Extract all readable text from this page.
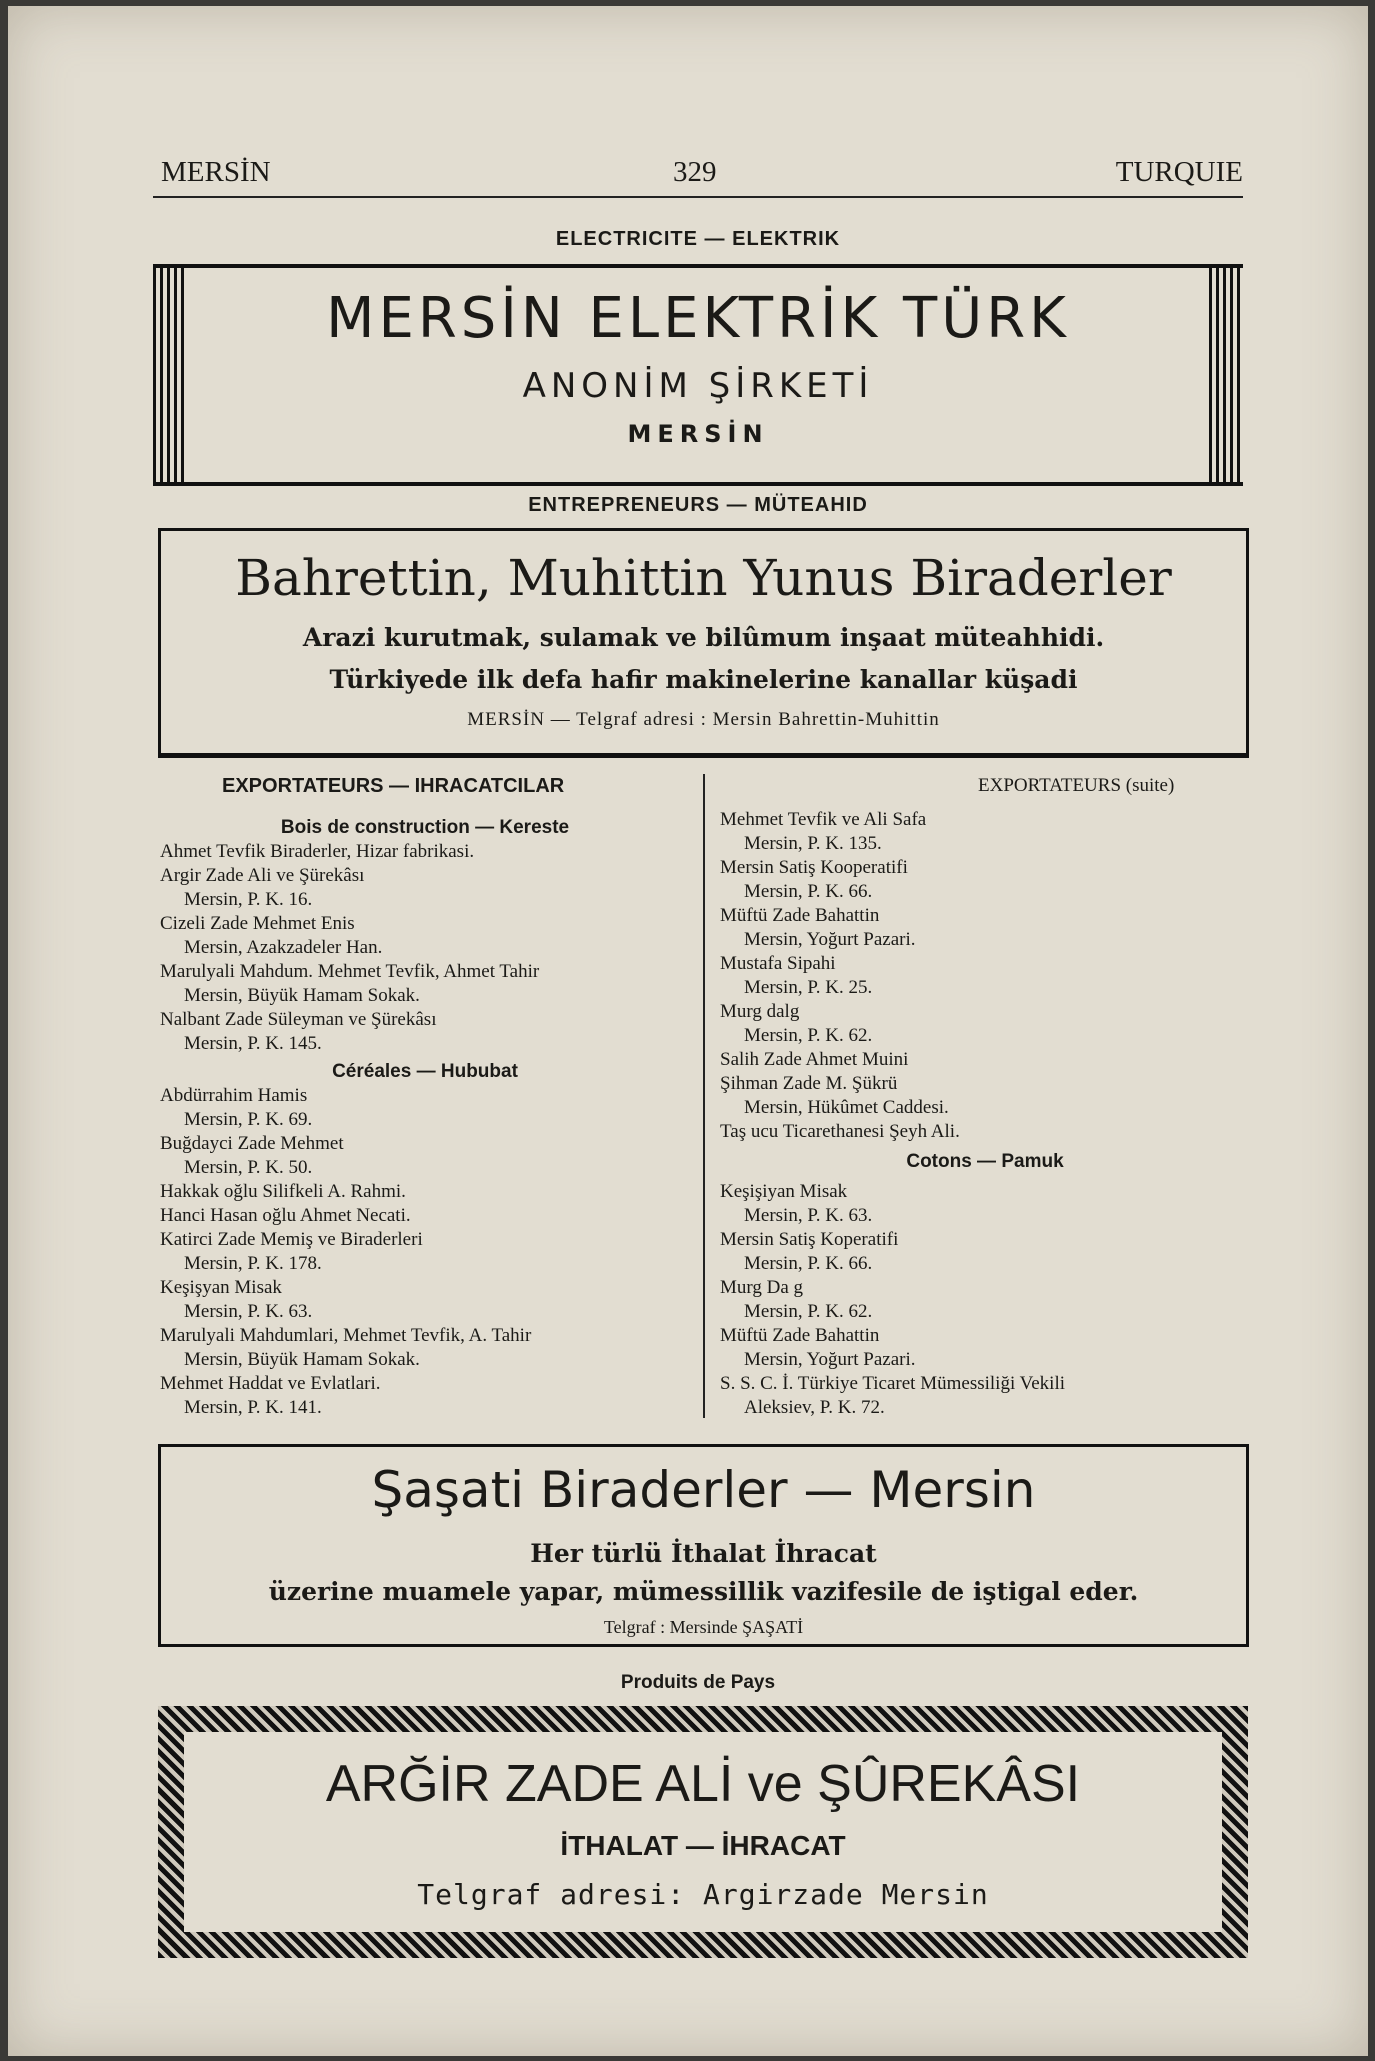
MERSİN	329	TURQUIE
ELECTRICITE — ELEKTRIK
MERSİN ELEKTRİK TÜRK
ANONİM ŞİRKETİ
MERSİN
ENTREPRENEURS — MÜTEAHID
Bahrettin, Muhittin Yunus Biraderler
Arazi kurutmak, sulamak ve bilûmum inşaat müteahhidi.
Türkiyede ilk defa hafir makinelerine kanallar küşadi
MERSİN — Telgraf adresi : Mersin Bahrettin-Muhittin
EXPORTATEURS — IHRACATCILAR
Bois de construction — Kereste
Ahmet Tevfik Biraderler, Hizar fabrikasi.
Argir Zade Ali ve Şürekâsı
Mersin, P. K. 16.
Cizeli Zade Mehmet Enis
Mersin, Azakzadeler Han.
Marulyali Mahdum. Mehmet Tevfik, Ahmet Tahir
Mersin, Büyük Hamam Sokak.
Nalbant Zade Süleyman ve Şürekâsı
Mersin, P. K. 145.
Céréales — Hububat
Abdürrahim Hamis
Mersin, P. K. 69.
Buğdayci Zade Mehmet
Mersin, P. K. 50.
Hakkak oğlu Silifkeli A. Rahmi.
Hanci Hasan oğlu Ahmet Necati.
Katirci Zade Memiş ve Biraderleri
Mersin, P. K. 178.
Keşişyan Misak
Mersin, P. K. 63.
Marulyali Mahdumlari, Mehmet Tevfik, A. Tahir
Mersin, Büyük Hamam Sokak.
Mehmet Haddat ve Evlatlari.
Mersin, P. K. 141.
EXPORTATEURS (suite)
Mehmet Tevfik ve Ali Safa
Mersin, P. K. 135.
Mersin Satiş Kooperatifi
Mersin, P. K. 66.
Müftü Zade Bahattin
Mersin, Yoğurt Pazari.
Mustafa Sipahi
Mersin, P. K. 25.
Murg dalg
Mersin, P. K. 62.
Salih Zade Ahmet Muini
Şihman Zade M. Şükrü
Mersin, Hükûmet Caddesi.
Taş ucu Ticarethanesi Şeyh Ali.
Cotons — Pamuk
Keşişiyan Misak
Mersin, P. K. 63.
Mersin Satiş Koperatifi
Mersin, P. K. 66.
Murg Da g
Mersin, P. K. 62.
Müftü Zade Bahattin
Mersin, Yoğurt Pazari.
S. S. C. İ. Türkiye Ticaret Mümessiliği Vekili
Aleksiev, P. K. 72.
Şaşati Biraderler — Mersin
Her türlü İthalat İhracat
üzerine muamele yapar, mümessillik vazifesile de iştigal eder.
Telgraf : Mersinde ŞAŞATİ
Produits de Pays
ARĞİR ZADE ALİ ve ŞÛREKÂSI
İTHALAT — İHRACAT
Telgraf adresi: Argirzade Mersin
